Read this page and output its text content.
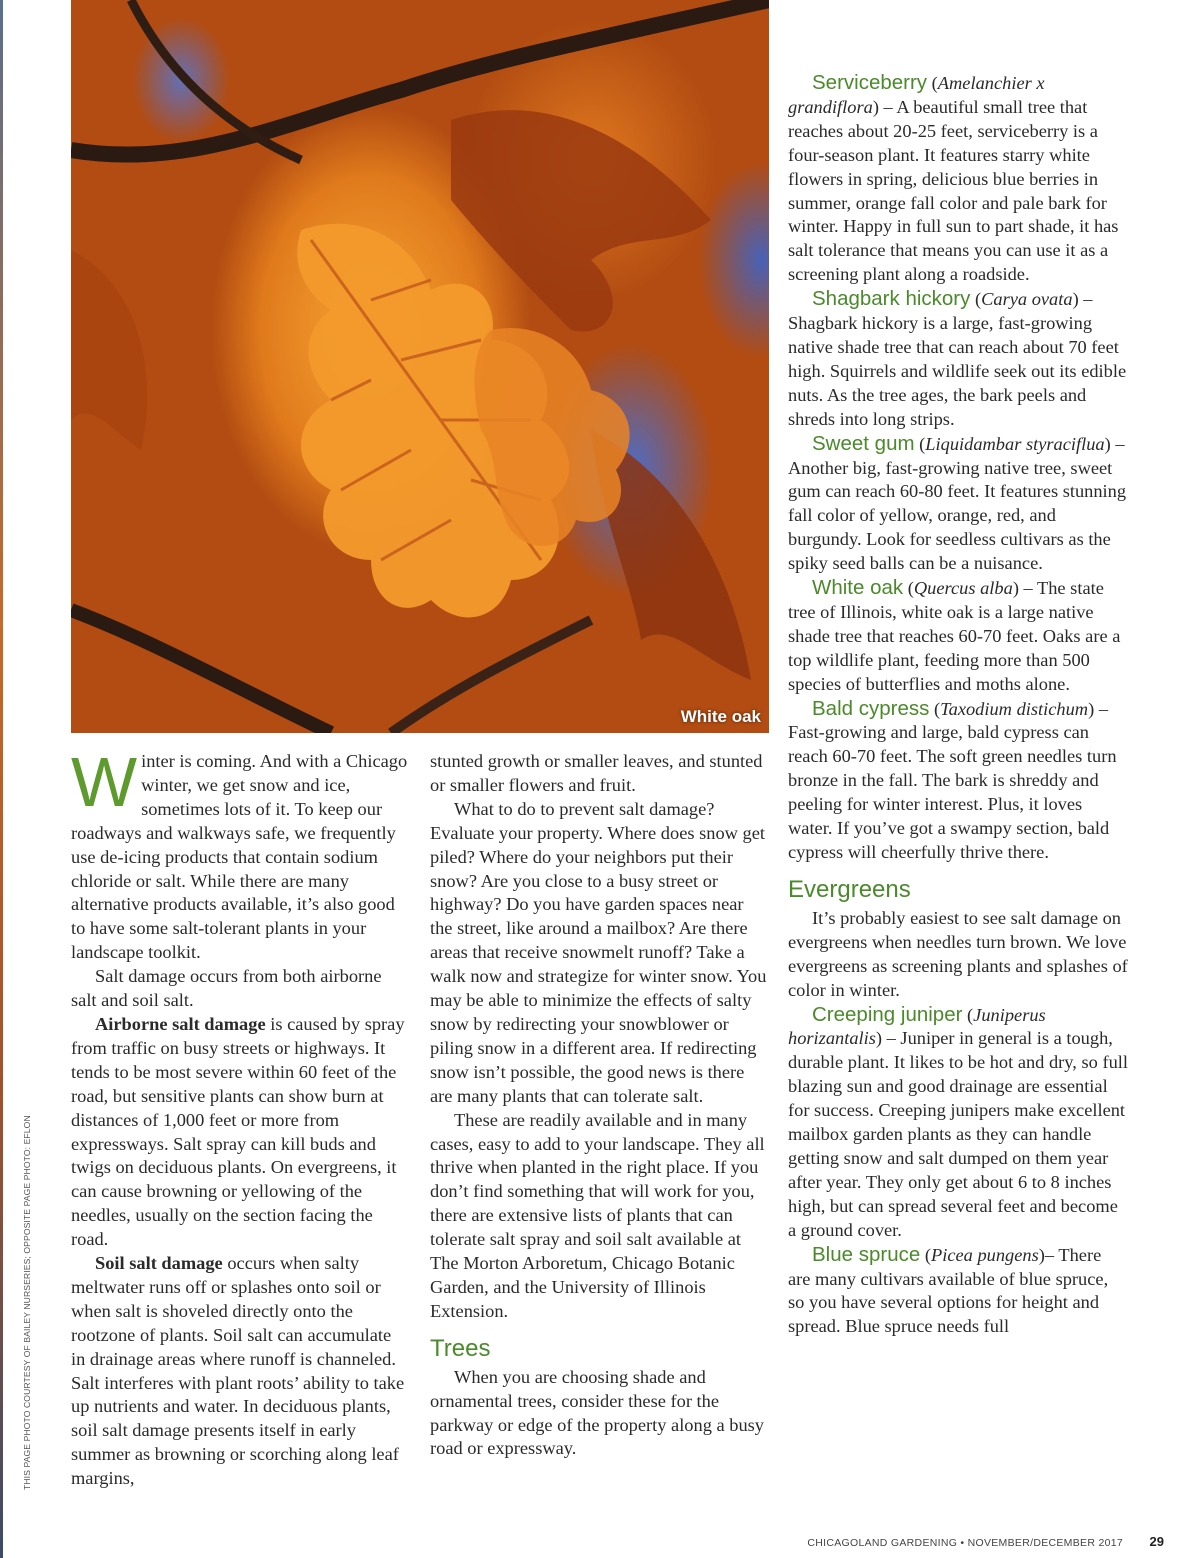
White oak
THIS PAGE PHOTO COURTESY OF BAILEY NURSERIES; OPPOSITE PAGE PHOTO: EFLON

Winter is coming. And with a Chicago winter, we get snow and ice, sometimes lots of it. To keep our roadways and walkways safe, we frequently use de-icing products that contain sodium chloride or salt. While there are many alternative products available, it’s also good to have some salt-tolerant plants in your landscape toolkit.

Salt damage occurs from both airborne salt and soil salt.

Airborne salt damage is caused by spray from traffic on busy streets or highways. It tends to be most severe within 60 feet of the road, but sensitive plants can show burn at distances of 1,000 feet or more from expressways. Salt spray can kill buds and twigs on deciduous plants. On evergreens, it can cause browning or yellowing of the needles, usually on the section facing the road.

Soil salt damage occurs when salty meltwater runs off or splashes onto soil or when salt is shoveled directly onto the rootzone of plants. Soil salt can accumulate in drainage areas where runoff is channeled. Salt interferes with plant roots’ ability to take up nutrients and water. In deciduous plants, soil salt damage presents itself in early summer as browning or scorching along leaf margins,

stunted growth or smaller leaves, and stunted or smaller flowers and fruit.

What to do to prevent salt damage? Evaluate your property. Where does snow get piled? Where do your neighbors put their snow? Are you close to a busy street or highway? Do you have garden spaces near the street, like around a mailbox? Are there areas that receive snowmelt runoff? Take a walk now and strategize for winter snow. You may be able to minimize the effects of salty snow by redirecting your snowblower or piling snow in a different area. If redirecting snow isn’t possible, the good news is there are many plants that can tolerate salt.

These are readily available and in many cases, easy to add to your landscape. They all thrive when planted in the right place. If you don’t find something that will work for you, there are extensive lists of plants that can tolerate salt spray and soil salt available at The Morton Arboretum, Chicago Botanic Garden, and the University of Illinois Extension.

Trees

When you are choosing shade and ornamental trees, consider these for the parkway or edge of the property along a busy road or expressway.

Serviceberry (Amelanchier x grandiflora) – A beautiful small tree that reaches about 20-25 feet, serviceberry is a four-season plant. It features starry white flowers in spring, delicious blue berries in summer, orange fall color and pale bark for winter. Happy in full sun to part shade, it has salt tolerance that means you can use it as a screening plant along a roadside.

Shagbark hickory (Carya ovata) – Shagbark hickory is a large, fast-growing native shade tree that can reach about 70 feet high. Squirrels and wildlife seek out its edible nuts. As the tree ages, the bark peels and shreds into long strips.

Sweet gum (Liquidambar styraciflua) – Another big, fast-growing native tree, sweet gum can reach 60-80 feet. It features stunning fall color of yellow, orange, red, and burgundy. Look for seedless cultivars as the spiky seed balls can be a nuisance.

White oak (Quercus alba) – The state tree of Illinois, white oak is a large native shade tree that reaches 60-70 feet. Oaks are a top wildlife plant, feeding more than 500 species of butterflies and moths alone.

Bald cypress (Taxodium distichum) – Fast-growing and large, bald cypress can reach 60-70 feet. The soft green needles turn bronze in the fall. The bark is shreddy and peeling for winter interest. Plus, it loves water. If you’ve got a swampy section, bald cypress will cheerfully thrive there.

Evergreens

It’s probably easiest to see salt damage on evergreens when needles turn brown. We love evergreens as screening plants and splashes of color in winter.

Creeping juniper (Juniperus horizantalis) – Juniper in general is a tough, durable plant. It likes to be hot and dry, so full blazing sun and good drainage are essential for success. Creeping junipers make excellent mailbox garden plants as they can handle getting snow and salt dumped on them year after year. They only get about 6 to 8 inches high, but can spread several feet and become a ground cover.

Blue spruce (Picea pungens)– There are many cultivars available of blue spruce, so you have several options for height and spread. Blue spruce needs full

CHICAGOLAND GARDENING • NOVEMBER/DECEMBER 2017 29
